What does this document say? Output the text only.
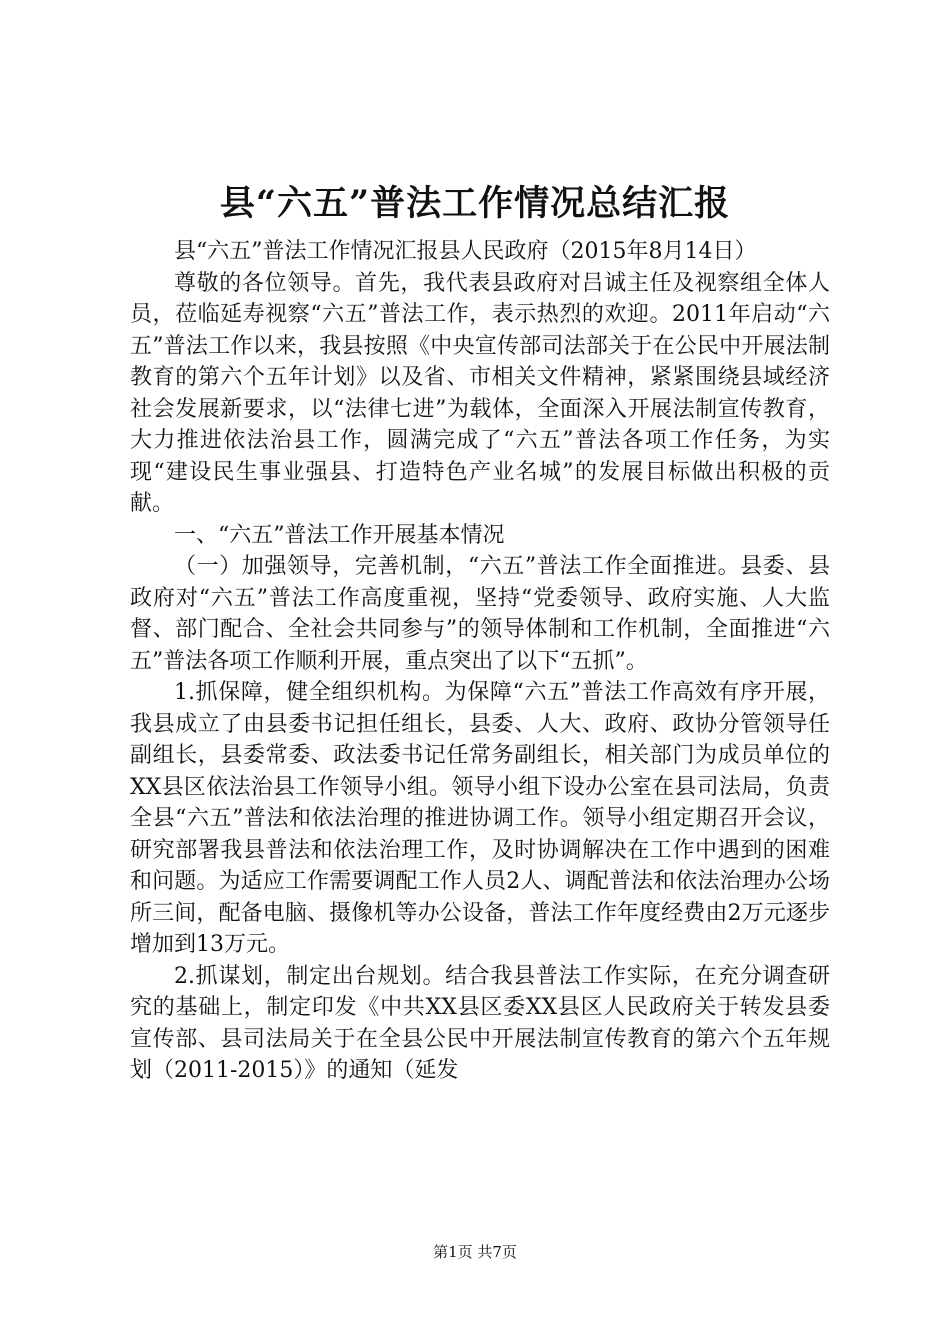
县“六五”普法工作情况总结汇报

县“六五”普法工作情况汇报县人民政府（2015年8月14日）

尊敬的各位领导。首先，我代表县政府对吕诚主任及视察组全体人员，莅临延寿视察“六五”普法工作，表示热烈的欢迎。2011年启动“六五”普法工作以来，我县按照《中央宣传部司法部关于在公民中开展法制教育的第六个五年计划》以及省、市相关文件精神，紧紧围绕县域经济社会发展新要求，以“法律七进”为载体，全面深入开展法制宣传教育，大力推进依法治县工作，圆满完成了“六五”普法各项工作任务，为实现“建设民生事业强县、打造特色产业名城”的发展目标做出积极的贡献。

一、“六五”普法工作开展基本情况

（一）加强领导，完善机制，“六五”普法工作全面推进。县委、县政府对“六五”普法工作高度重视，坚持“党委领导、政府实施、人大监督、部门配合、全社会共同参与”的领导体制和工作机制，全面推进“六五”普法各项工作顺利开展，重点突出了以下“五抓”。

1.抓保障，健全组织机构。为保障“六五”普法工作高效有序开展，我县成立了由县委书记担任组长，县委、人大、政府、政协分管领导任副组长，县委常委、政法委书记任常务副组长，相关部门为成员单位的XX县区依法治县工作领导小组。领导小组下设办公室在县司法局，负责全县“六五”普法和依法治理的推进协调工作。领导小组定期召开会议，研究部署我县普法和依法治理工作，及时协调解决在工作中遇到的困难和问题。为适应工作需要调配工作人员2人、调配普法和依法治理办公场所三间，配备电脑、摄像机等办公设备，普法工作年度经费由2万元逐步增加到13万元。

2.抓谋划，制定出台规划。结合我县普法工作实际，在充分调查研究的基础上，制定印发《中共XX县区委XX县区人民政府关于转发县委宣传部、县司法局关于在全县公民中开展法制宣传教育的第六个五年规划（2011-2015）》的通知（延发

第1页 共7页
